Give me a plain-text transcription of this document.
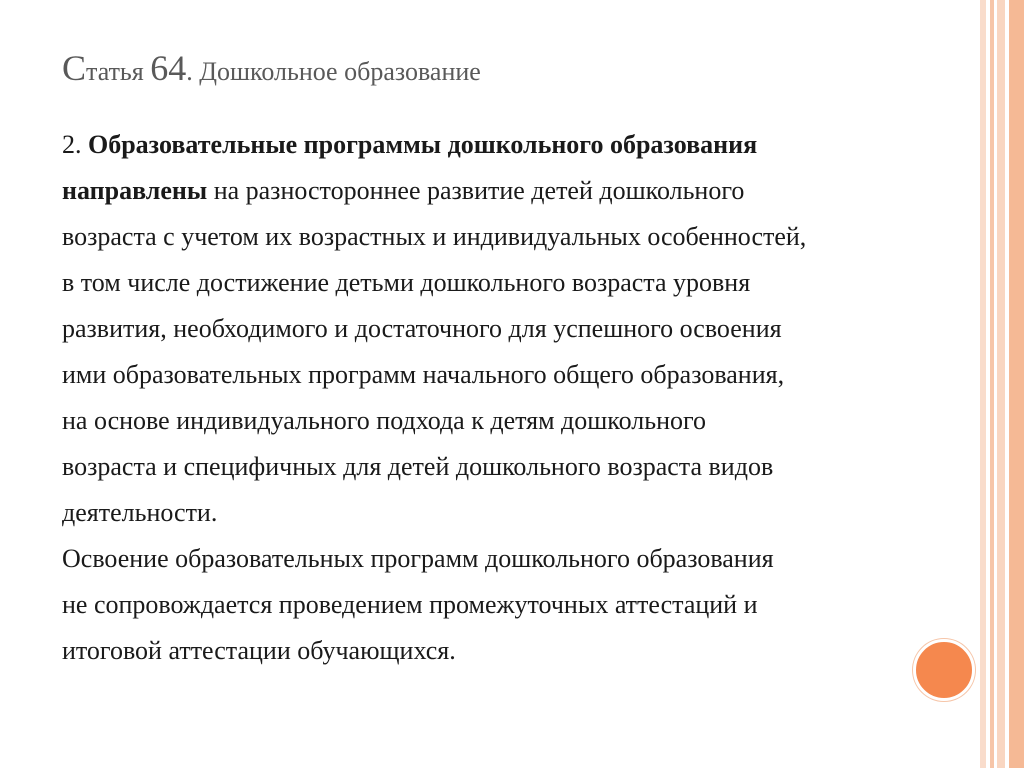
Статья 64. Дошкольное образование
2. Образовательные программы дошкольного образования
направлены на разностороннее развитие детей дошкольного
возраста с учетом их возрастных и индивидуальных особенностей,
в том числе достижение детьми дошкольного возраста уровня
развития, необходимого и достаточного для успешного освоения
ими образовательных программ начального общего образования,
на основе индивидуального подхода к детям дошкольного
возраста и специфичных для детей дошкольного возраста видов
деятельности.
Освоение образовательных программ дошкольного образования
не сопровождается проведением промежуточных аттестаций и
итоговой аттестации обучающихся.
